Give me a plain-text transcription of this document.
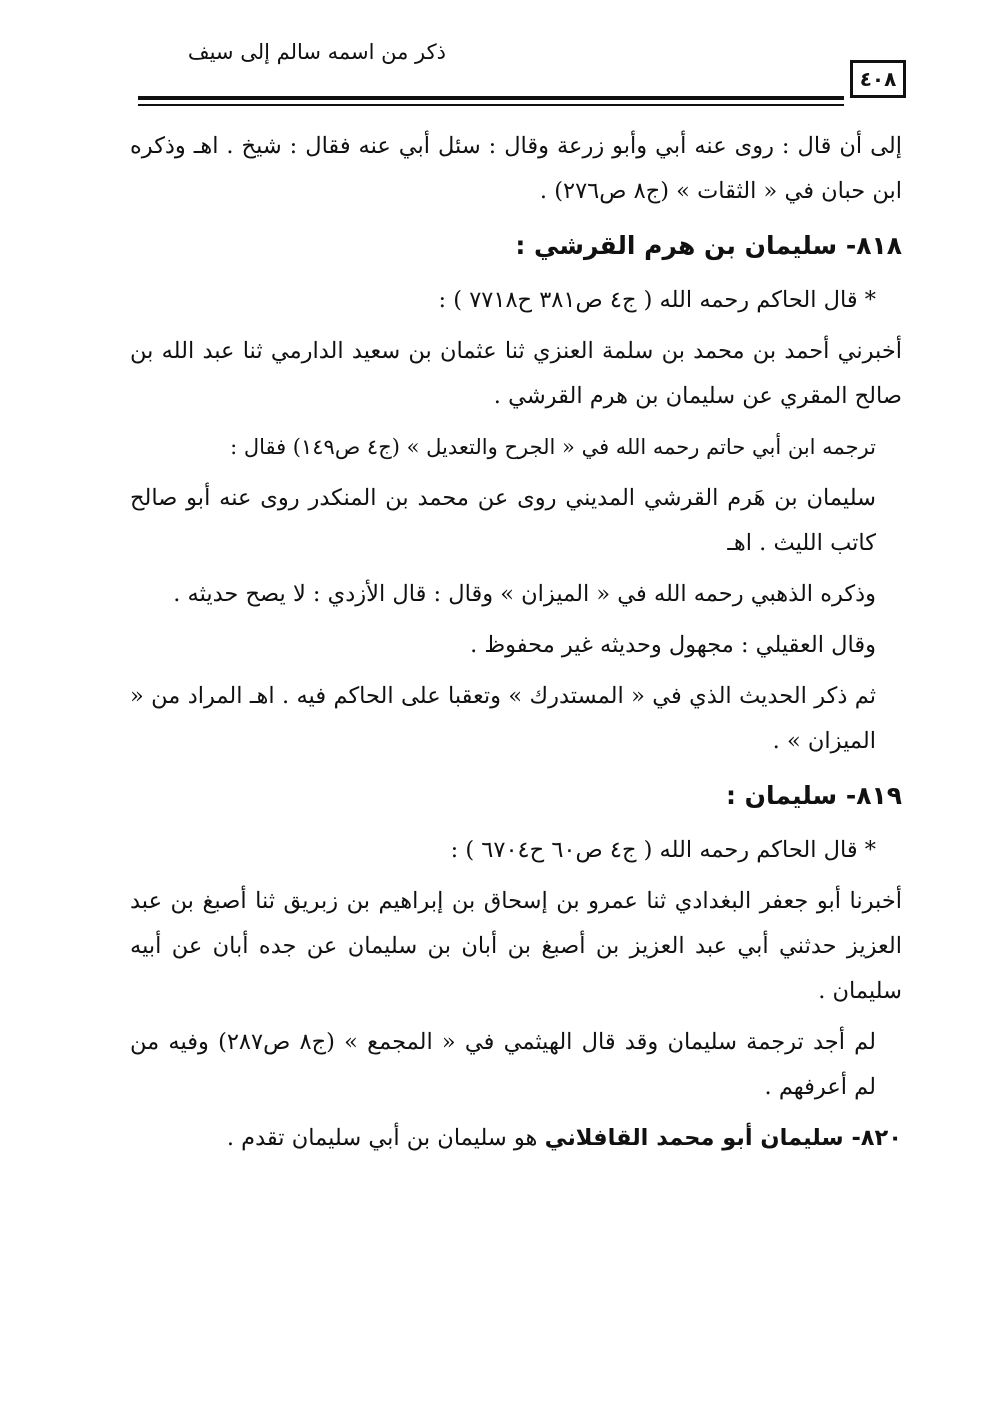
ذكر من اسمه سالم إلى سيف
٤٠٨

إلى أن قال : روى عنه أبي وأبو زرعة وقال : سئل أبي عنه فقال : شيخ . اهـ وذكره ابن حبان في « الثقات » (ج٨ ص٢٧٦) .

٨١٨- سليمان بن هرم القرشي :

* قال الحاكم رحمه الله ( ج٤ ص٣٨١ ح٧٧١٨ ) :

أخبرني أحمد بن محمد بن سلمة العنزي ثنا عثمان بن سعيد الدارمي ثنا عبد الله بن صالح المقري عن سليمان بن هرم القرشي .

ترجمه ابن أبي حاتم رحمه الله في « الجرح والتعديل » (ج٤ ص١٤٩) فقال :

سليمان بن هَرم القرشي المديني روى عن محمد بن المنكدر روى عنه أبو صالح كاتب الليث . اهـ

وذكره الذهبي رحمه الله في « الميزان » وقال : قال الأزدي : لا يصح حديثه .

وقال العقيلي : مجهول وحديثه غير محفوظ .

ثم ذكر الحديث الذي في « المستدرك » وتعقبا على الحاكم فيه . اهـ المراد من « الميزان » .

٨١٩- سليمان :

* قال الحاكم رحمه الله ( ج٤ ص٦٠ ح٦٧٠٤ ) :

أخبرنا أبو جعفر البغدادي ثنا عمرو بن إسحاق بن إبراهيم بن زبريق ثنا أصبغ بن عبد العزيز حدثني أبي عبد العزيز بن أصبغ بن أبان بن سليمان عن جده أبان عن أبيه سليمان .

لم أجد ترجمة سليمان وقد قال الهيثمي في « المجمع » (ج٨ ص٢٨٧) وفيه من لم أعرفهم .

٨٢٠- سليمان أبو محمد القافلاني هو سليمان بن أبي سليمان تقدم .
